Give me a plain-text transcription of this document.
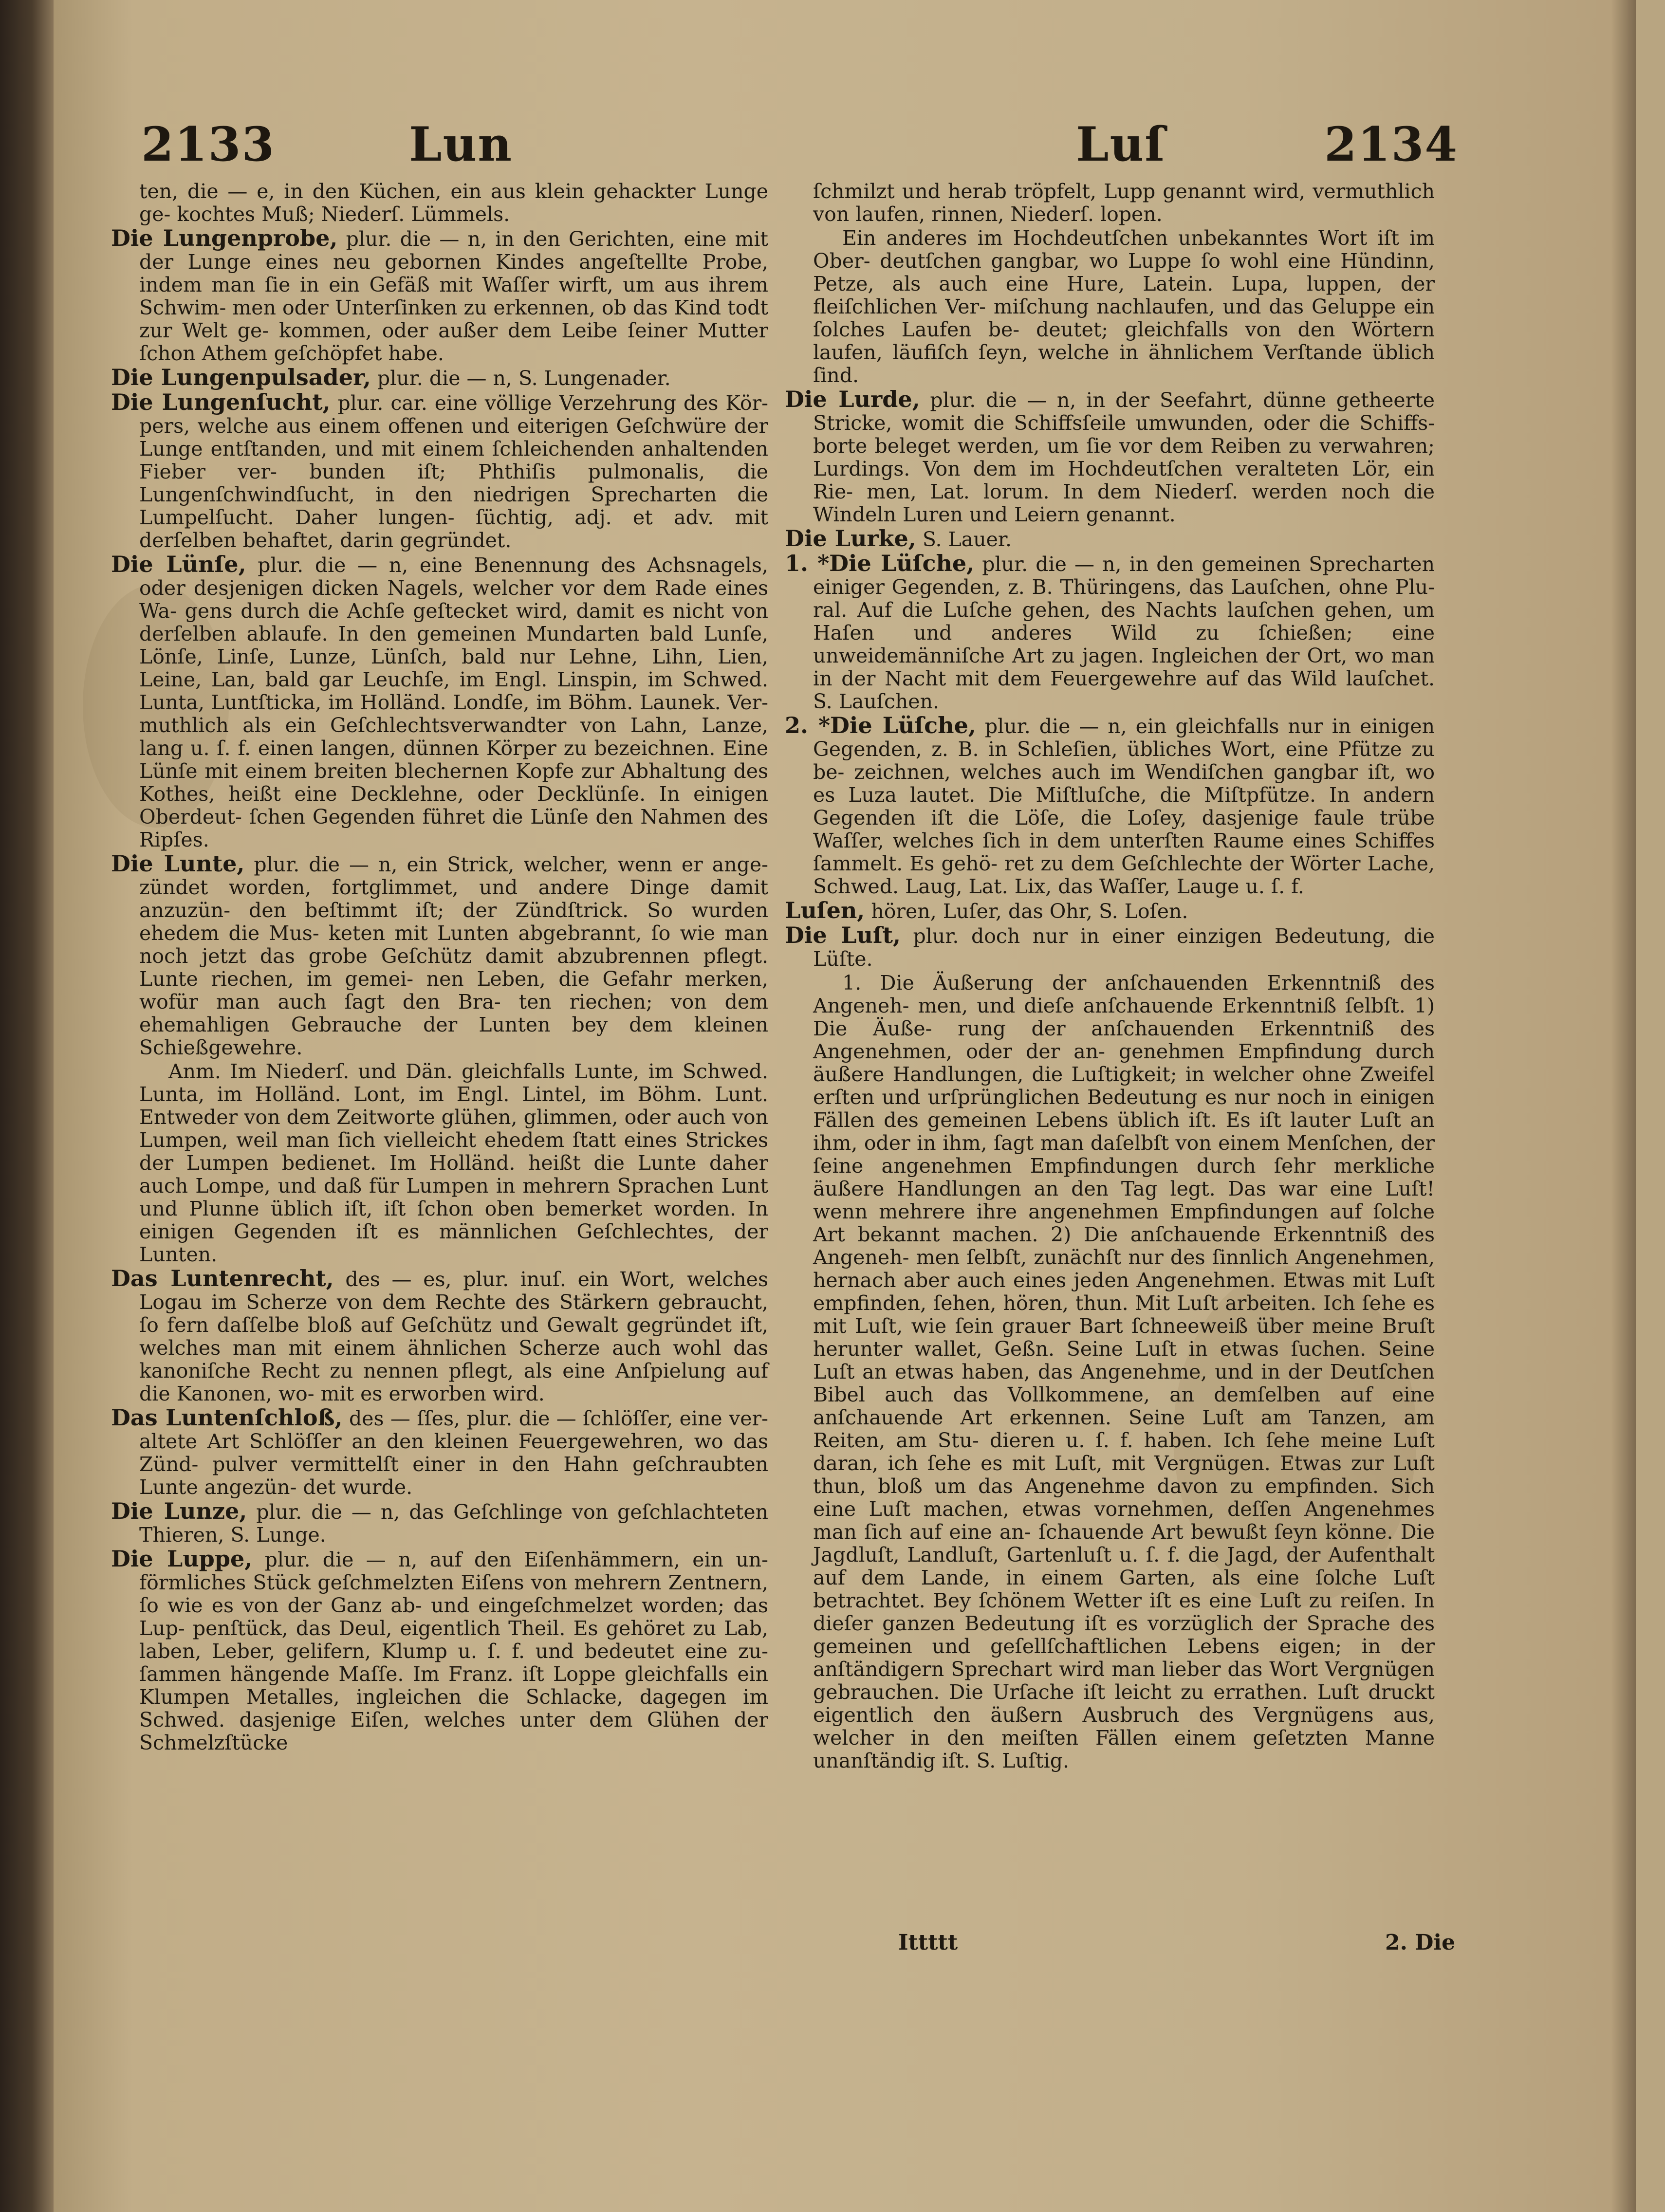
2133	Lun	Luſ	2134

ten, die — e, in den Küchen, ein aus klein gehackter Lunge ge- kochtes Muß; Niederſ. Lümmels.

Die Lungenprobe, plur. die — n, in den Gerichten, eine mit der Lunge eines neu gebornen Kindes angeſtellte Probe, indem man ſie in ein Gefäß mit Waſſer wirft, um aus ihrem Schwim- men oder Unterſinken zu erkennen, ob das Kind todt zur Welt ge- kommen, oder außer dem Leibe ſeiner Mutter ſchon Athem geſchöpfet habe.

Die Lungenpulsader, plur. die — n, S. Lungenader.

Die Lungenſucht, plur. car. eine völlige Verzehrung des Kör- pers, welche aus einem offenen und eiterigen Geſchwüre der Lunge entſtanden, und mit einem ſchleichenden anhaltenden Fieber ver- bunden iſt; Phthiſis pulmonalis, die Lungenſchwindſucht, in den niedrigen Sprecharten die Lumpelſucht. Daher lungen- ſüchtig, adj. et adv. mit derſelben behaftet, darin gegründet.

Die Lünſe, plur. die — n, eine Benennung des Achsnagels, oder desjenigen dicken Nagels, welcher vor dem Rade eines Wa- gens durch die Achſe geſtecket wird, damit es nicht von derſelben ablaufe. In den gemeinen Mundarten bald Lunſe, Lönſe, Linſe, Lunze, Lünſch, bald nur Lehne, Lihn, Lien, Leine, Lan, bald gar Leuchſe, im Engl. Linspin, im Schwed. Lunta, Luntſticka, im Holländ. Londſe, im Böhm. Launek. Ver- muthlich als ein Geſchlechtsverwandter von Lahn, Lanze, lang u. ſ. f. einen langen, dünnen Körper zu bezeichnen. Eine Lünſe mit einem breiten blechernen Kopfe zur Abhaltung des Kothes, heißt eine Decklehne, oder Decklünſe. In einigen Oberdeut- ſchen Gegenden führet die Lünſe den Nahmen des Ripſes.

Die Lunte, plur. die — n, ein Strick, welcher, wenn er ange- zündet worden, fortglimmet, und andere Dinge damit anzuzün- den beſtimmt iſt; der Zündſtrick. So wurden ehedem die Mus- keten mit Lunten abgebrannt, ſo wie man noch jetzt das grobe Geſchütz damit abzubrennen pflegt. Lunte riechen, im gemei- nen Leben, die Gefahr merken, wofür man auch ſagt den Bra- ten riechen; von dem ehemahligen Gebrauche der Lunten bey dem kleinen Schießgewehre.

Anm. Im Niederſ. und Dän. gleichfalls Lunte, im Schwed. Lunta, im Holländ. Lont, im Engl. Lintel, im Böhm. Lunt. Entweder von dem Zeitworte glühen, glimmen, oder auch von Lumpen, weil man ſich vielleicht ehedem ſtatt eines Strickes der Lumpen bedienet. Im Holländ. heißt die Lunte daher auch Lompe, und daß für Lumpen in mehrern Sprachen Lunt und Plunne üblich iſt, iſt ſchon oben bemerket worden. In einigen Gegenden iſt es männlichen Geſchlechtes, der Lunten.

Das Luntenrecht, des — es, plur. inuſ. ein Wort, welches Logau im Scherze von dem Rechte des Stärkern gebraucht, ſo fern daſſelbe bloß auf Geſchütz und Gewalt gegründet iſt, welches man mit einem ähnlichen Scherze auch wohl das kanoniſche Recht zu nennen pflegt, als eine Anſpielung auf die Kanonen, wo- mit es erworben wird.

Das Luntenſchloß, des — ſſes, plur. die — ſchlöſſer, eine ver- altete Art Schlöſſer an den kleinen Feuergewehren, wo das Zünd- pulver vermittelſt einer in den Hahn geſchraubten Lunte angezün- det wurde.

Die Lunze, plur. die — n, das Geſchlinge von geſchlachteten Thieren, S. Lunge.

Die Luppe, plur. die — n, auf den Eiſenhämmern, ein un- förmliches Stück geſchmelzten Eiſens von mehrern Zentnern, ſo wie es von der Ganz ab- und eingeſchmelzet worden; das Lup- penſtück, das Deul, eigentlich Theil. Es gehöret zu Lab, laben, Leber, gelifern, Klump u. ſ. f. und bedeutet eine zu- ſammen hängende Maſſe. Im Franz. iſt Loppe gleichfalls ein Klumpen Metalles, ingleichen die Schlacke, dagegen im Schwed. dasjenige Eiſen, welches unter dem Glühen der Schmelzſtücke

ſchmilzt und herab tröpfelt, Lupp genannt wird, vermuthlich von laufen, rinnen, Niederſ. lopen.

Ein anderes im Hochdeutſchen unbekanntes Wort iſt im Ober- deutſchen gangbar, wo Luppe ſo wohl eine Hündinn, Petze, als auch eine Hure, Latein. Lupa, luppen, der fleiſchlichen Ver- miſchung nachlaufen, und das Geluppe ein ſolches Laufen be- deutet; gleichfalls von den Wörtern laufen, läufiſch ſeyn, welche in ähnlichem Verſtande üblich ſind.

Die Lurde, plur. die — n, in der Seefahrt, dünne getheerte Stricke, womit die Schiffsſeile umwunden, oder die Schiffs- borte beleget werden, um ſie vor dem Reiben zu verwahren; Lurdings. Von dem im Hochdeutſchen veralteten Lör, ein Rie- men, Lat. lorum. In dem Niederſ. werden noch die Windeln Luren und Leiern genannt.

Die Lurke, S. Lauer.

1. *Die Lüſche, plur. die — n, in den gemeinen Sprecharten einiger Gegenden, z. B. Thüringens, das Lauſchen, ohne Plu- ral. Auf die Luſche gehen, des Nachts lauſchen gehen, um Haſen und anderes Wild zu ſchießen; eine unweidemänniſche Art zu jagen. Ingleichen der Ort, wo man in der Nacht mit dem Feuergewehre auf das Wild lauſchet. S. Lauſchen.

2. *Die Lüſche, plur. die — n, ein gleichfalls nur in einigen Gegenden, z. B. in Schleſien, übliches Wort, eine Pfütze zu be- zeichnen, welches auch im Wendiſchen gangbar iſt, wo es Luza lautet. Die Miſtluſche, die Miſtpfütze. In andern Gegenden iſt die Löſe, die Loſey, dasjenige faule trübe Waſſer, welches ſich in dem unterſten Raume eines Schiffes ſammelt. Es gehö- ret zu dem Geſchlechte der Wörter Lache, Schwed. Laug, Lat. Lix, das Waſſer, Lauge u. ſ. f.

Luſen, hören, Luſer, das Ohr, S. Loſen.

Die Luſt, plur. doch nur in einer einzigen Bedeutung, die Lüſte.

1. Die Äußerung der anſchauenden Erkenntniß des Angeneh- men, und dieſe anſchauende Erkenntniß ſelbſt. 1) Die Äuße- rung der anſchauenden Erkenntniß des Angenehmen, oder der an- genehmen Empfindung durch äußere Handlungen, die Luſtigkeit; in welcher ohne Zweifel erſten und urſprünglichen Bedeutung es nur noch in einigen Fällen des gemeinen Lebens üblich iſt. Es iſt lauter Luſt an ihm, oder in ihm, ſagt man daſelbſt von einem Menſchen, der ſeine angenehmen Empfindungen durch ſehr merkliche äußere Handlungen an den Tag legt. Das war eine Luſt! wenn mehrere ihre angenehmen Empfindungen auf ſolche Art bekannt machen. 2) Die anſchauende Erkenntniß des Angeneh- men ſelbſt, zunächſt nur des ſinnlich Angenehmen, hernach aber auch eines jeden Angenehmen. Etwas mit Luſt empfinden, ſehen, hören, thun. Mit Luſt arbeiten. Ich ſehe es mit Luſt, wie ſein grauer Bart ſchneeweiß über meine Bruſt herunter wallet, Geßn. Seine Luſt in etwas ſuchen. Seine Luſt an etwas haben, das Angenehme, und in der Deutſchen Bibel auch das Vollkommene, an demſelben auf eine anſchauende Art erkennen. Seine Luſt am Tanzen, am Reiten, am Stu- dieren u. ſ. f. haben. Ich ſehe meine Luſt daran, ich ſehe es mit Luſt, mit Vergnügen. Etwas zur Luſt thun, bloß um das Angenehme davon zu empfinden. Sich eine Luſt machen, etwas vornehmen, deſſen Angenehmes man ſich auf eine an- ſchauende Art bewußt ſeyn könne. Die Jagdluſt, Landluſt, Gartenluſt u. ſ. f. die Jagd, der Aufenthalt auf dem Lande, in einem Garten, als eine ſolche Luſt betrachtet. Bey ſchönem Wetter iſt es eine Luſt zu reiſen. In dieſer ganzen Bedeutung iſt es vorzüglich der Sprache des gemeinen und geſellſchaftlichen Lebens eigen; in der anſtändigern Sprechart wird man lieber das Wort Vergnügen gebrauchen. Die Urſache iſt leicht zu errathen. Luſt druckt eigentlich den äußern Ausbruch des Vergnügens aus, welcher in den meiſten Fällen einem geſetzten Manne unanſtändig iſt. S. Luſtig.

Ittttt	2. Die
